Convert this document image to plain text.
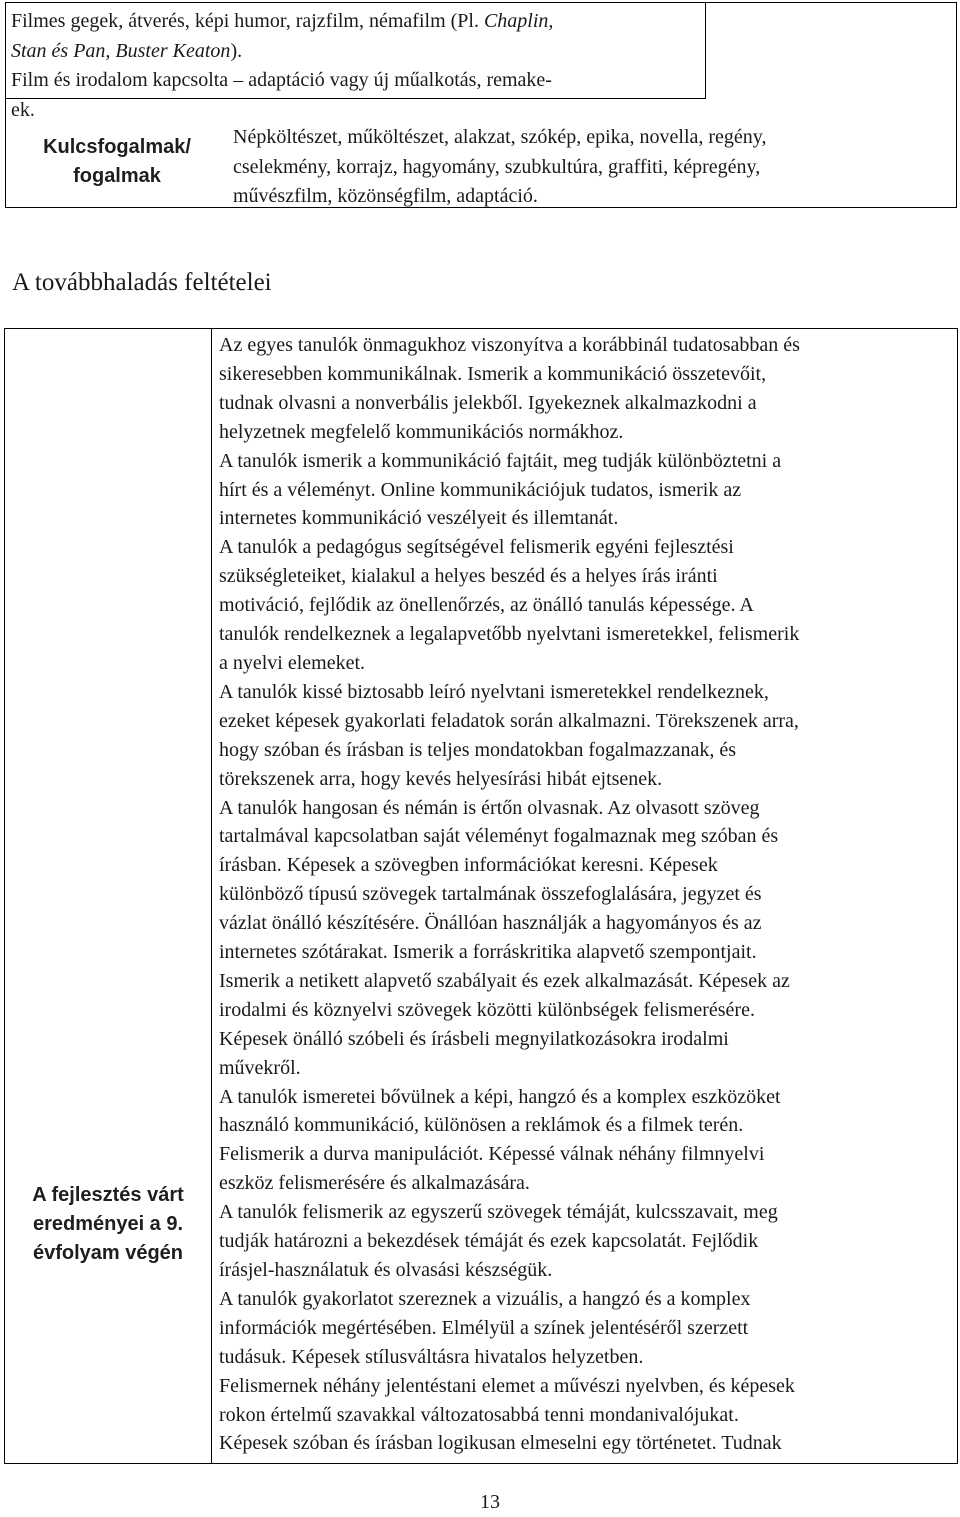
Filmes gegek, átverés, képi humor, rajzfilm, némafilm (Pl. Chaplin,
Stan és Pan, Buster Keaton).
Film és irodalom kapcsolta – adaptáció vagy új műalkotás, remake-
ek.
Kulcsfogalmak/
fogalmak
Népköltészet, műköltészet, alakzat, szókép, epika, novella, regény,
cselekmény, korrajz, hagyomány, szubkultúra, graffiti, képregény,
művészfilm, közönségfilm, adaptáció.
A továbbhaladás feltételei
A fejlesztés várt
eredményei a 9.
évfolyam végén
Az egyes tanulók önmagukhoz viszonyítva a korábbinál tudatosabban és
sikeresebben kommunikálnak. Ismerik a kommunikáció összetevőit,
tudnak olvasni a nonverbális jelekből. Igyekeznek alkalmazkodni a
helyzetnek megfelelő kommunikációs normákhoz.
A tanulók ismerik a kommunikáció fajtáit, meg tudják különböztetni a
hírt és a véleményt. Online kommunikációjuk tudatos, ismerik az
internetes kommunikáció veszélyeit és illemtanát.
A tanulók a pedagógus segítségével felismerik egyéni fejlesztési
szükségleteiket, kialakul a helyes beszéd és a helyes írás iránti
motiváció, fejlődik az önellenőrzés, az önálló tanulás képessége. A
tanulók rendelkeznek a legalapvetőbb nyelvtani ismeretekkel, felismerik
a nyelvi elemeket.
A tanulók kissé biztosabb leíró nyelvtani ismeretekkel rendelkeznek,
ezeket képesek gyakorlati feladatok során alkalmazni. Törekszenek arra,
hogy szóban és írásban is teljes mondatokban fogalmazzanak, és
törekszenek arra, hogy kevés helyesírási hibát ejtsenek.
A tanulók hangosan és némán is értőn olvasnak. Az olvasott szöveg
tartalmával kapcsolatban saját véleményt fogalmaznak meg szóban és
írásban. Képesek a szövegben információkat keresni. Képesek
különböző típusú szövegek tartalmának összefoglalására, jegyzet és
vázlat önálló készítésére. Önállóan használják a hagyományos és az
internetes szótárakat. Ismerik a forráskritika alapvető szempontjait.
Ismerik a netikett alapvető szabályait és ezek alkalmazását. Képesek az
irodalmi és köznyelvi szövegek közötti különbségek felismerésére.
Képesek önálló szóbeli és írásbeli megnyilatkozásokra irodalmi
művekről.
A tanulók ismeretei bővülnek a képi, hangzó és a komplex eszközöket
használó kommunikáció, különösen a reklámok és a filmek terén.
Felismerik a durva manipulációt. Képessé válnak néhány filmnyelvi
eszköz felismerésére és alkalmazására.
A tanulók felismerik az egyszerű szövegek témáját, kulcsszavait, meg
tudják határozni a bekezdések témáját és ezek kapcsolatát. Fejlődik
írásjel-használatuk és olvasási készségük.
A tanulók gyakorlatot szereznek a vizuális, a hangzó és a komplex
információk megértésében. Elmélyül a színek jelentéséről szerzett
tudásuk. Képesek stílusváltásra hivatalos helyzetben.
Felismernek néhány jelentéstani elemet a művészi nyelvben, és képesek
rokon értelmű szavakkal változatosabbá tenni mondanivalójukat.
Képesek szóban és írásban logikusan elmeselni egy történetet. Tudnak
13
